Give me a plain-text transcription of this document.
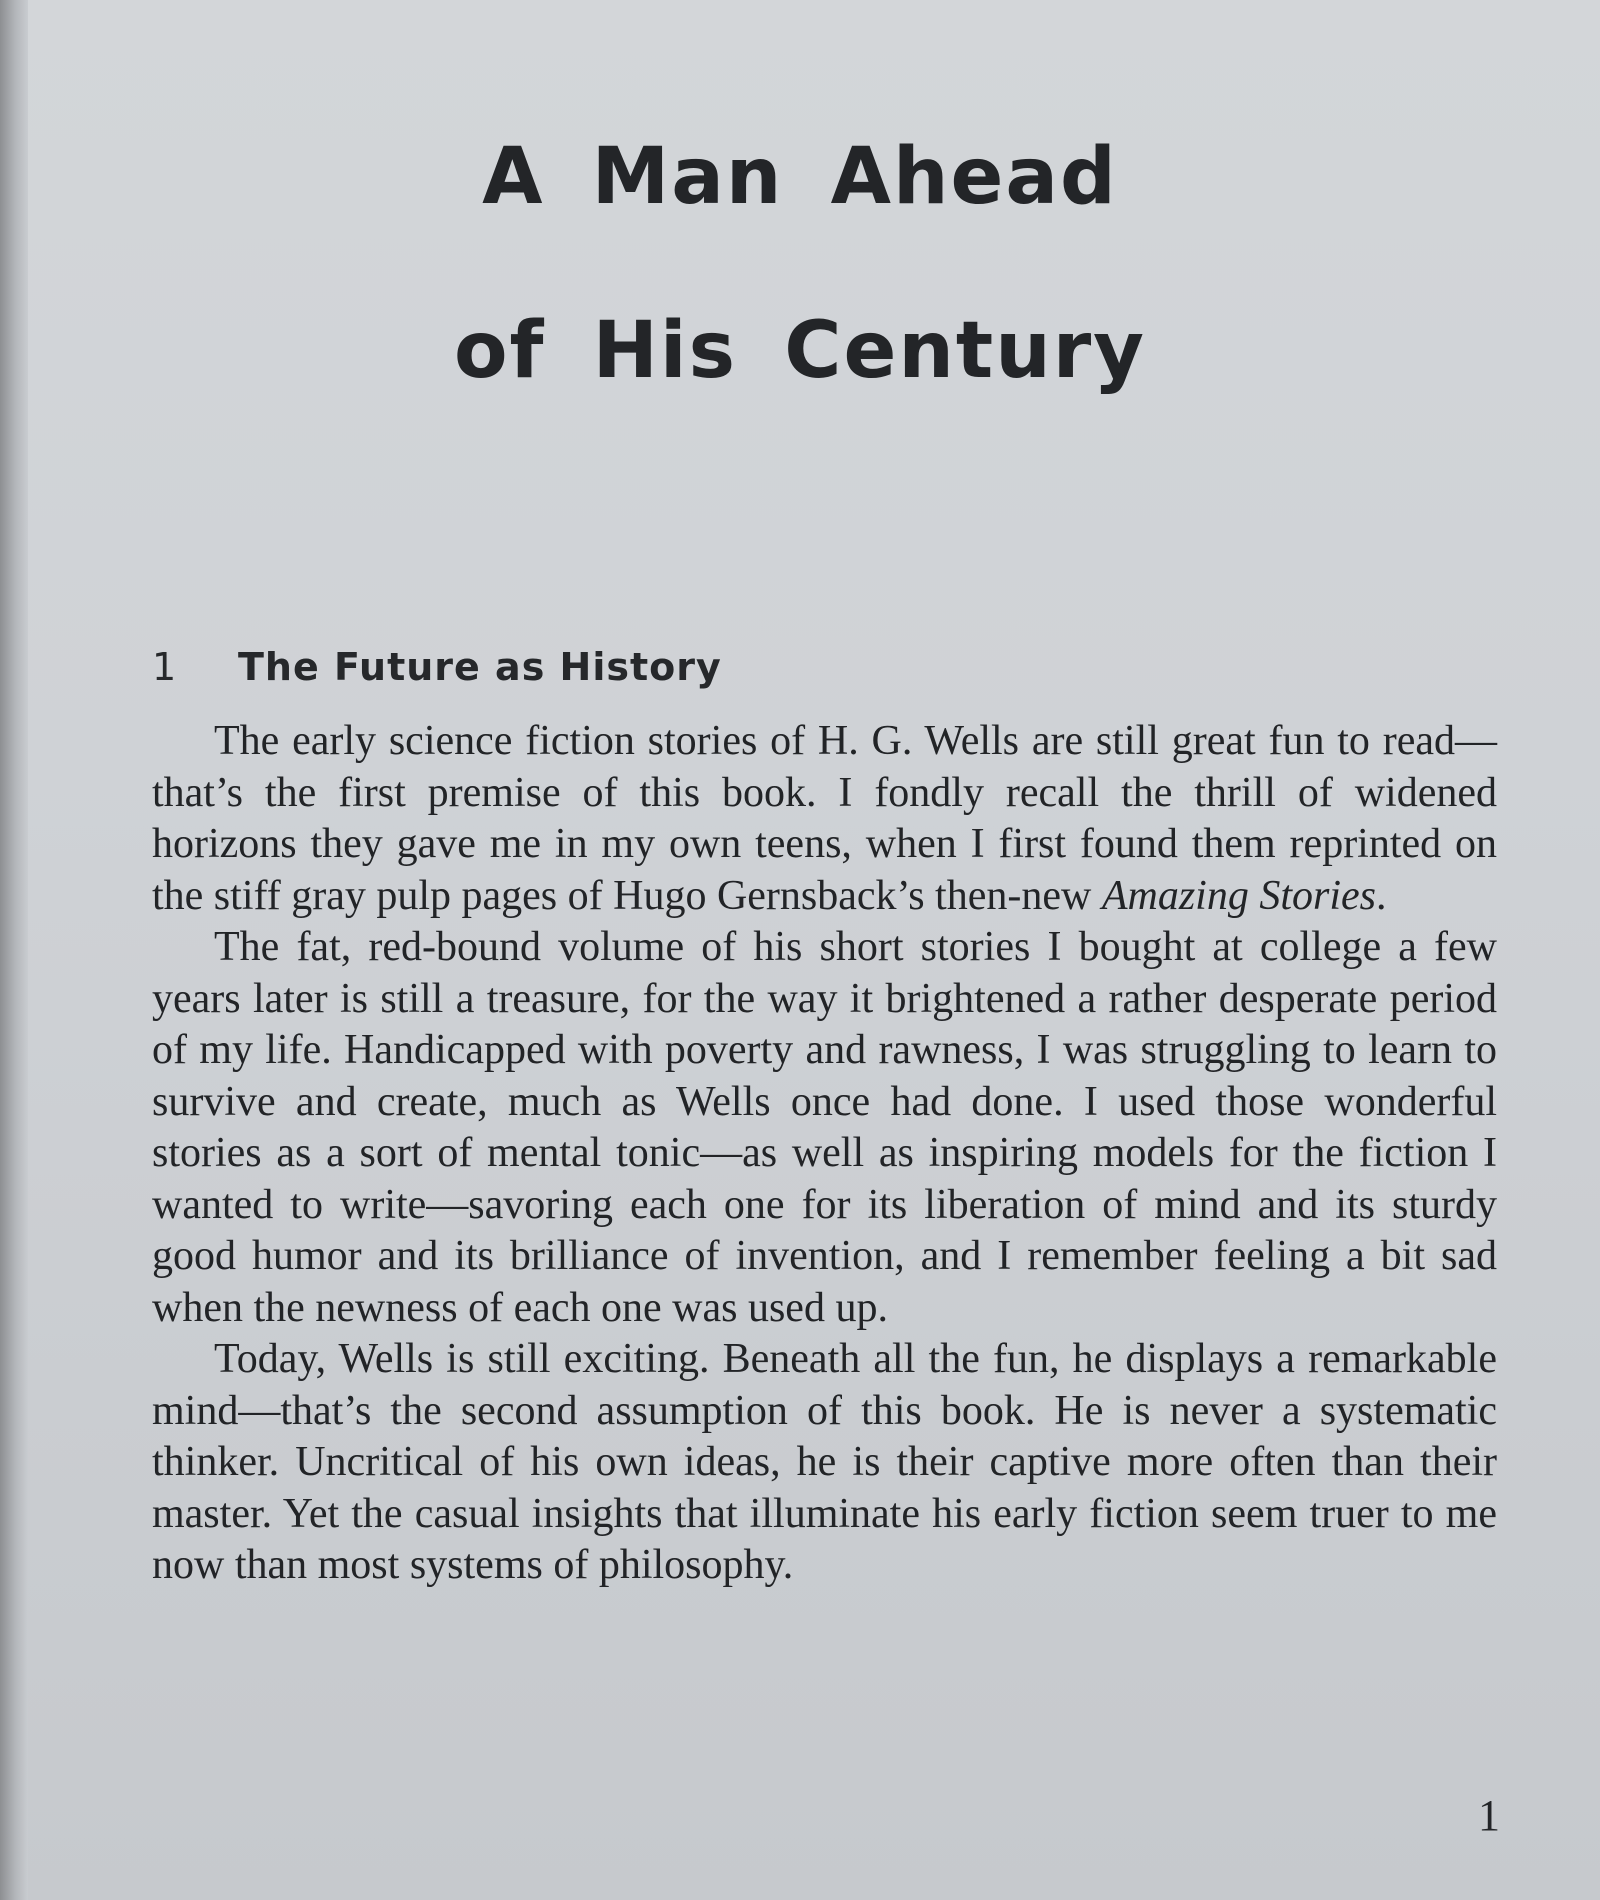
A Man Ahead
of His Century
1 The Future as History

The early science fiction stories of H. G. Wells are still great fun to read—that’s the first premise of this book. I fondly recall the thrill of widened horizons they gave me in my own teens, when I first found them reprinted on the stiff gray pulp pages of Hugo Gernsback’s then-new Amazing Stories.

The fat, red-bound volume of his short stories I bought at college a few years later is still a treasure, for the way it brightened a rather desperate period of my life. Handicapped with poverty and rawness, I was struggling to learn to survive and create, much as Wells once had done. I used those wonderful stories as a sort of mental tonic—as well as inspiring models for the fiction I wanted to write—savoring each one for its liberation of mind and its sturdy good humor and its brilliance of invention, and I remember feeling a bit sad when the newness of each one was used up.

Today, Wells is still exciting. Beneath all the fun, he displays a remarkable mind—that’s the second assumption of this book. He is never a systematic thinker. Uncritical of his own ideas, he is their captive more often than their master. Yet the casual insights that illuminate his early fiction seem truer to me now than most systems of philosophy.

1
